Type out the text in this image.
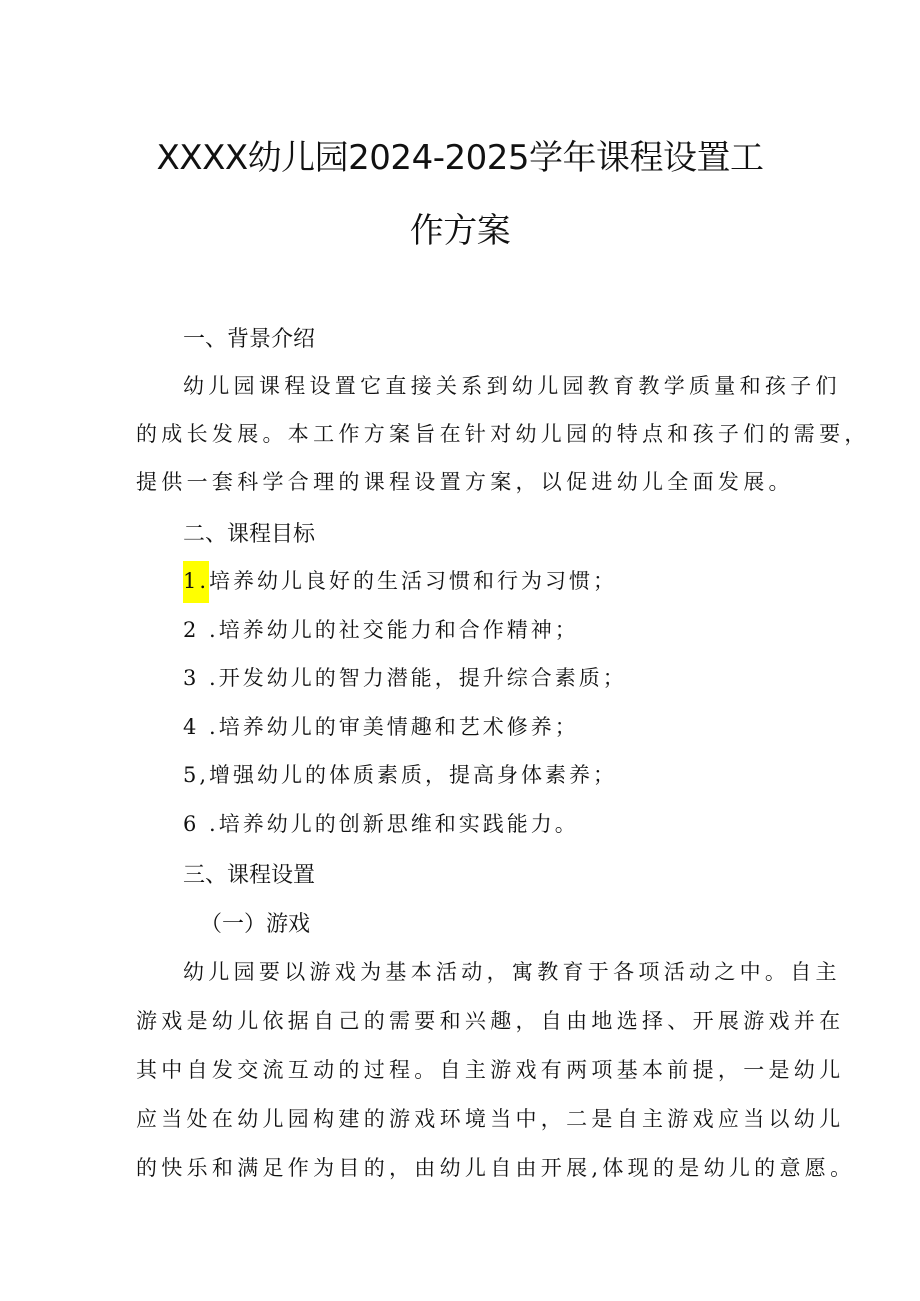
XXXX幼儿园2024-2025学年课程设置工
作方案
一、背景介绍

幼儿园课程设置它直接关系到幼儿园教育教学质量和孩子们

的成长发展。本工作方案旨在针对幼儿园的特点和孩子们的需要，

提供一套科学合理的课程设置方案，以促进幼儿全面发展。

二、课程目标

1.培养幼儿良好的生活习惯和行为习惯；

2 .培养幼儿的社交能力和合作精神；

3 .开发幼儿的智力潜能，提升综合素质；

4 .培养幼儿的审美情趣和艺术修养；

5,增强幼儿的体质素质，提高身体素养；

6 .培养幼儿的创新思维和实践能力。

三、课程设置
（一）游戏

幼儿园要以游戏为基本活动，寓教育于各项活动之中。自主

游戏是幼儿依据自己的需要和兴趣，自由地选择、开展游戏并在

其中自发交流互动的过程。自主游戏有两项基本前提，一是幼儿

应当处在幼儿园构建的游戏环境当中，二是自主游戏应当以幼儿

的快乐和满足作为目的，由幼儿自由开展,体现的是幼儿的意愿。
